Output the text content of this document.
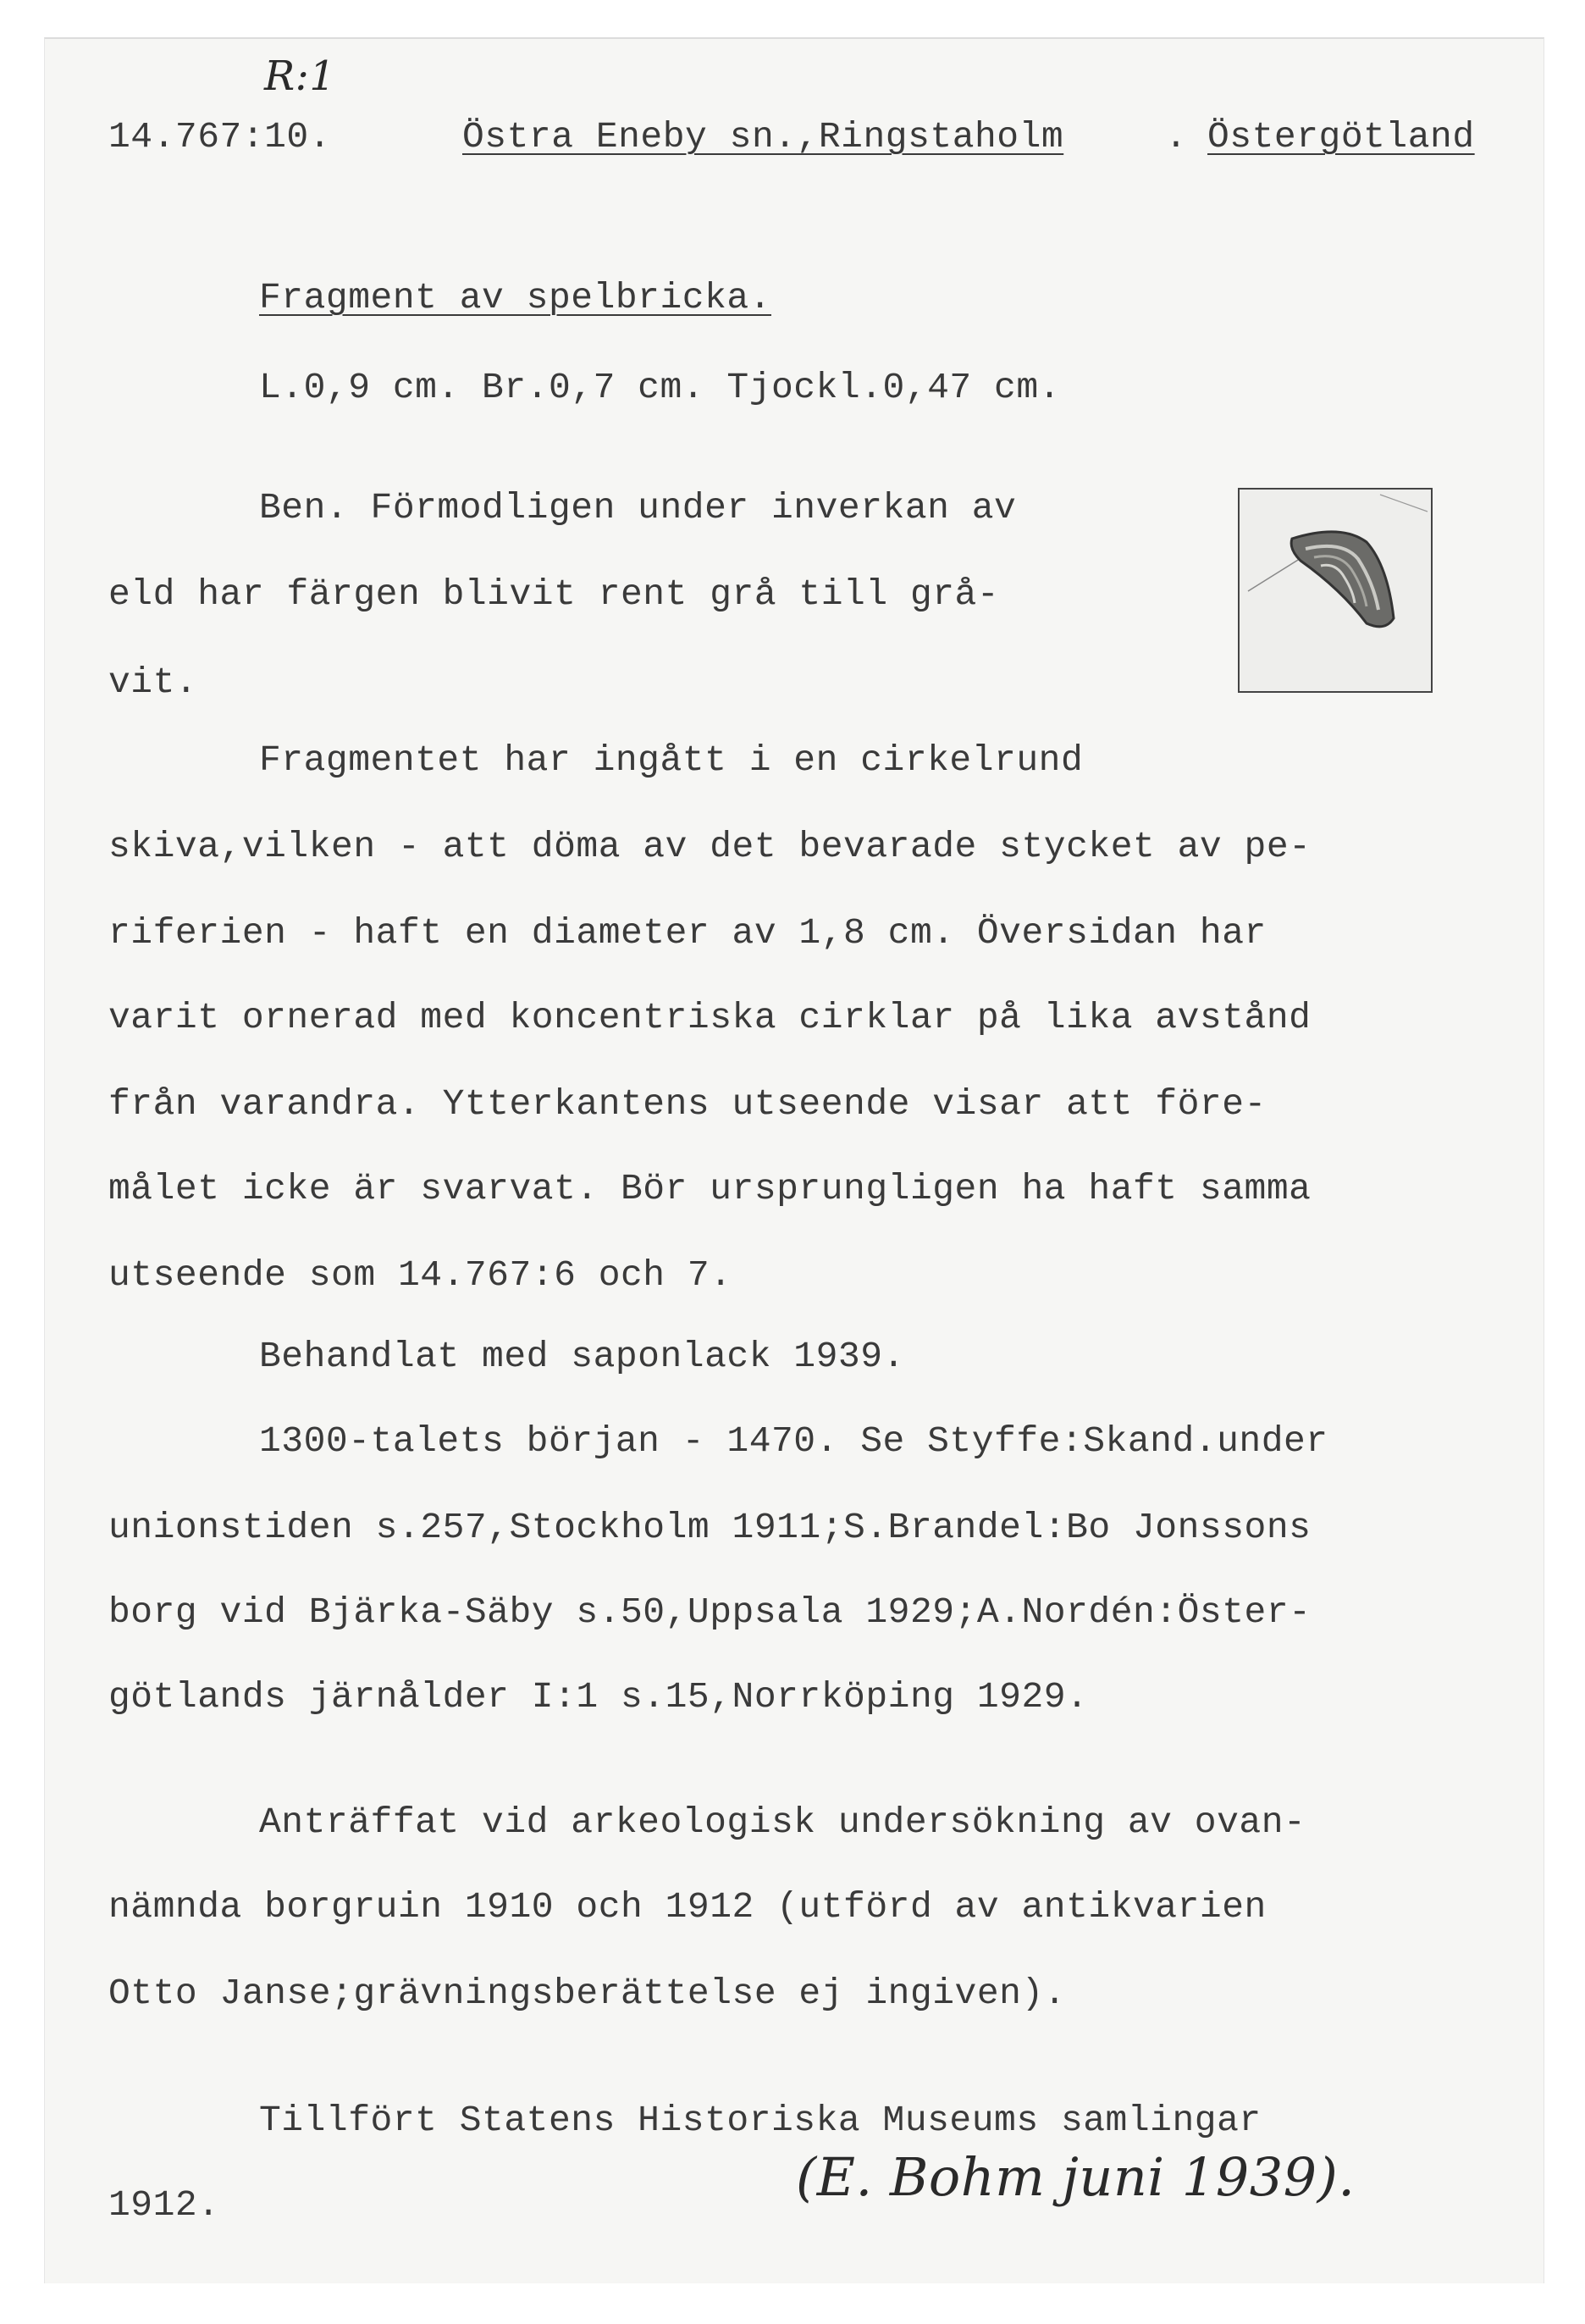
R:1
14.767:10.	Östra Eneby sn.,Ringstaholm	. Östergötland
Fragment av spelbricka.
L.0,9 cm. Br.0,7 cm. Tjockl.0,47 cm.
Ben. Förmodligen under inverkan av
eld har färgen blivit rent grå till grå-
vit.
Fragmentet har ingått i en cirkelrund
skiva,vilken - att döma av det bevarade stycket av pe-
riferien - haft en diameter av 1,8 cm. Översidan har
varit ornerad med koncentriska cirklar på lika avstånd
från varandra. Ytterkantens utseende visar att före-
målet icke är svarvat. Bör ursprungligen ha haft samma
utseende som 14.767:6 och 7.
Behandlat med saponlack 1939.
1300-talets början - 1470. Se Styffe:Skand.under
unionstiden s.257,Stockholm 1911;S.Brandel:Bo Jonssons
borg vid Bjärka-Säby s.50,Uppsala 1929;A.Nordén:Öster-
götlands järnålder I:1 s.15,Norrköping 1929.
Anträffat vid arkeologisk undersökning av ovan-
nämnda borgruin 1910 och 1912 (utförd av antikvarien
Otto Janse;grävningsberättelse ej ingiven).
Tillfört Statens Historiska Museums samlingar
1912.	(E. Bohm juni 1939).
